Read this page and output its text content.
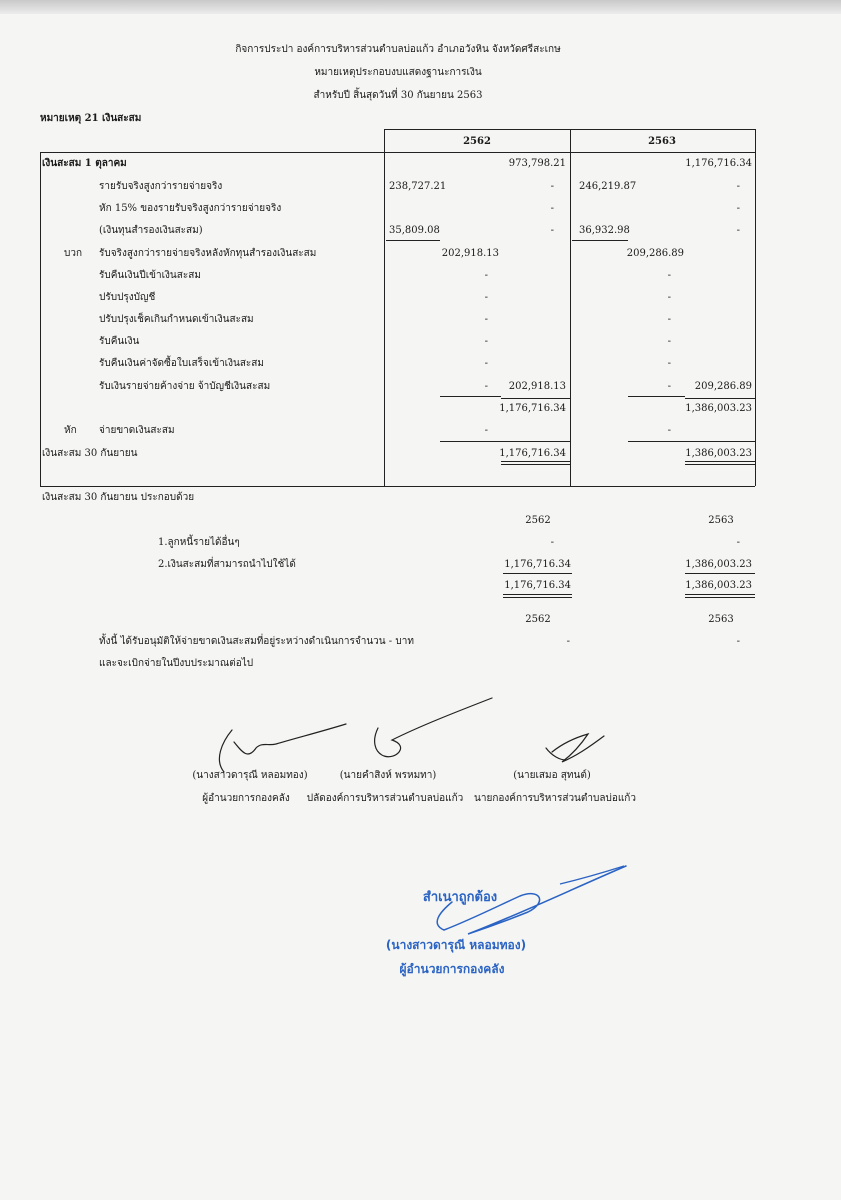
กิจการประปา องค์การบริหารส่วนตำบลบ่อแก้ว อำเภอวังหิน จังหวัดศรีสะเกษ
หมายเหตุประกอบงบแสดงฐานะการเงิน
สำหรับปี สิ้นสุดวันที่ 30 กันยายน 2563
หมายเหตุ 21 เงินสะสม
2562	2563
เงินสะสม 1 ตุลาคม	973,798.21	1,176,716.34
รายรับจริงสูงกว่ารายจ่ายจริง	238,727.21	-	246,219.87	-
หัก 15% ของรายรับจริงสูงกว่ารายจ่ายจริง	-	-
(เงินทุนสำรองเงินสะสม)	35,809.08	-	36,932.98	-
บวก รับจริงสูงกว่ารายจ่ายจริงหลังหักทุนสำรองเงินสะสม	202,918.13	209,286.89
รับคืนเงินปีเข้าเงินสะสม	-	-
ปรับปรุงบัญชี	-	-
ปรับปรุงเช็คเกินกำหนดเข้าเงินสะสม	-	-
รับคืนเงิน	-	-
รับคืนเงินค่าจัดซื้อใบเสร็จเข้าเงินสะสม	-	-
รับเงินรายจ่ายค้างจ่าย จ้าบัญชีเงินสะสม	- 202,918.13	- 209,286.89
1,176,716.34	1,386,003.23
หัก จ่ายขาดเงินสะสม	-	-
เงินสะสม 30 กันยายน	1,176,716.34	1,386,003.23
เงินสะสม 30 กันยายน ประกอบด้วย
2562	2563
1.ลูกหนี้รายได้อื่นๆ	-	-
2.เงินสะสมที่สามารถนำไปใช้ได้	1,176,716.34	1,386,003.23
1,176,716.34	1,386,003.23
2562	2563
ทั้งนี้ ได้รับอนุมัติให้จ่ายขาดเงินสะสมที่อยู่ระหว่างดำเนินการจำนวน - บาท	-	-
และจะเบิกจ่ายในปีงบประมาณต่อไป
(นางสาวดารุณี หลอมทอง)
ผู้อำนวยการกองคลัง
(นายคำสิงห์ พรหมทา)
ปลัดองค์การบริหารส่วนตำบลบ่อแก้ว
(นายเสมอ สุทนต์)
นายกองค์การบริหารส่วนตำบลบ่อแก้ว
สำเนาถูกต้อง
(นางสาวดารุณี หลอมทอง)
ผู้อำนวยการกองคลัง
